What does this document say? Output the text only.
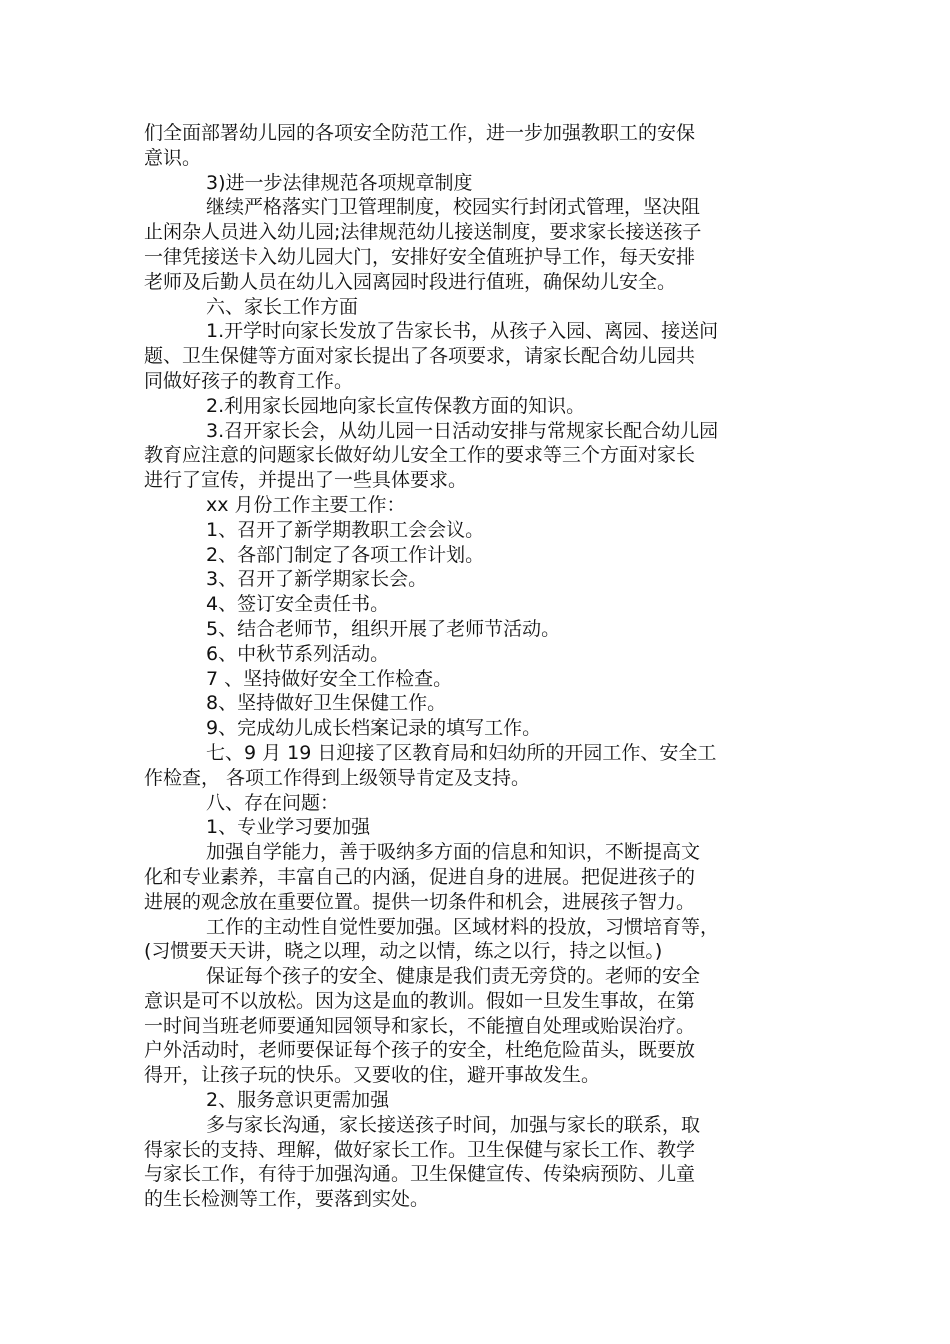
们全面部署幼儿园的各项安全防范工作，进一步加强教职工的安保
意识。
3)进一步法律规范各项规章制度
继续严格落实门卫管理制度，校园实行封闭式管理，坚决阻
止闲杂人员进入幼儿园;法律规范幼儿接送制度，要求家长接送孩子
一律凭接送卡入幼儿园大门，安排好安全值班护导工作，每天安排
老师及后勤人员在幼儿入园离园时段进行值班，确保幼儿安全。
六、家长工作方面
1.开学时向家长发放了告家长书，从孩子入园、离园、接送问
题、卫生保健等方面对家长提出了各项要求，请家长配合幼儿园共
同做好孩子的教育工作。
2.利用家长园地向家长宣传保教方面的知识。
3.召开家长会，从幼儿园一日活动安排与常规家长配合幼儿园
教育应注意的问题家长做好幼儿安全工作的要求等三个方面对家长
进行了宣传，并提出了一些具体要求。
xx 月份工作主要工作：
1、召开了新学期教职工会会议。
2、各部门制定了各项工作计划。
3、召开了新学期家长会。
4、签订安全责任书。
5、结合老师节，组织开展了老师节活动。
6、中秋节系列活动。
7 、坚持做好安全工作检查。
8、坚持做好卫生保健工作。
9、完成幼儿成长档案记录的填写工作。
七、9 月 19 日迎接了区教育局和妇幼所的开园工作、安全工
作检查， 各项工作得到上级领导肯定及支持。
八、存在问题：
1、专业学习要加强
加强自学能力，善于吸纳多方面的信息和知识，不断提高文
化和专业素养，丰富自己的内涵，促进自身的进展。把促进孩子的
进展的观念放在重要位置。提供一切条件和机会，进展孩子智力。
工作的主动性自觉性要加强。区域材料的投放，习惯培育等，
(习惯要天天讲，晓之以理，动之以情，练之以行，持之以恒。)
保证每个孩子的安全、健康是我们责无旁贷的。老师的安全
意识是可不以放松。因为这是血的教训。假如一旦发生事故，在第
一时间当班老师要通知园领导和家长，不能擅自处理或贻误治疗。
户外活动时，老师要保证每个孩子的安全，杜绝危险苗头，既要放
得开，让孩子玩的快乐。又要收的住，避开事故发生。
2、服务意识更需加强
多与家长沟通，家长接送孩子时间，加强与家长的联系，取
得家长的支持、理解，做好家长工作。卫生保健与家长工作、教学
与家长工作，有待于加强沟通。卫生保健宣传、传染病预防、儿童
的生长检测等工作，要落到实处。
